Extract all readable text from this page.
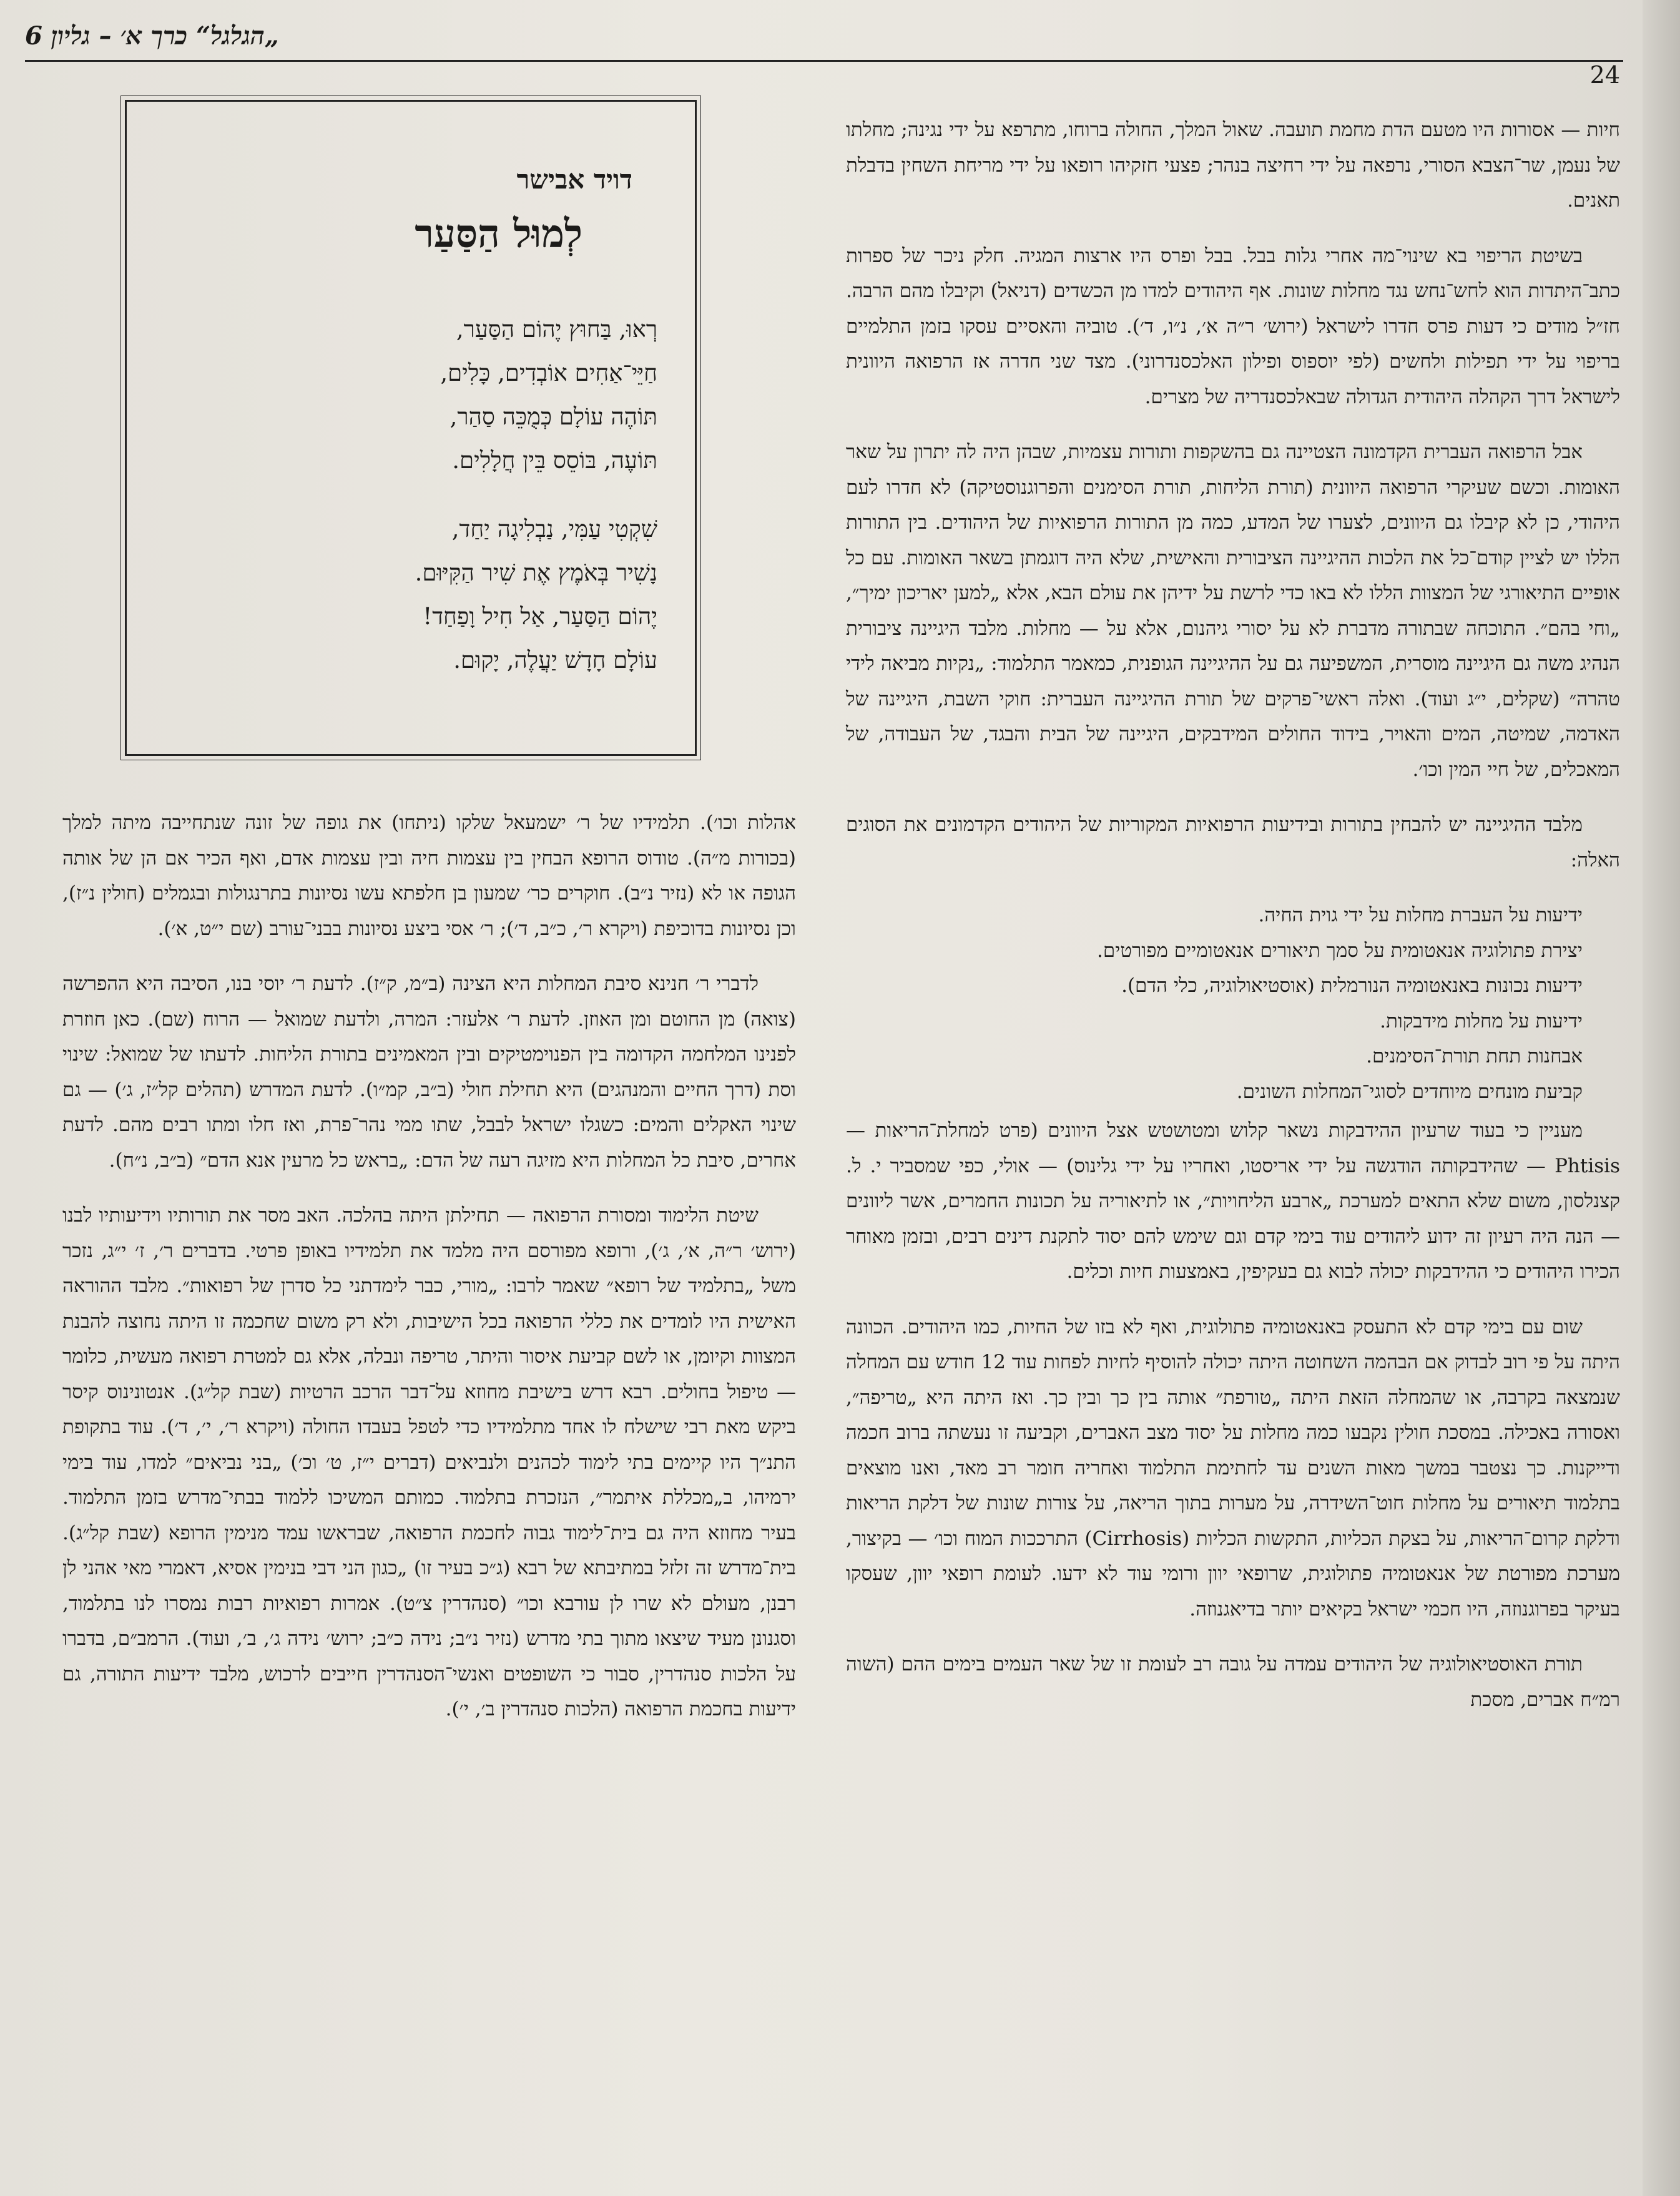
„הגלגל“ כרך א׳ – גליון 6
24
דויד אבישר
לְמוּל הַסַּעַר
רְאוּ, בַּחוּץ יֶהוֹם הַסַּעַר,
חַיֵּי־אַחִים אוֹבְדִים, כָּלִים,
תּוֹהֶה עוֹלָם כְּמֻכֵּה סַהַר,
תּוֹעֶה, בּוֹסֵס בֵּין חֲלָלִים.
שִׁקְטִי עַמִּי, נַבְלִיגָה יַחַד,
נָשִׁיר בְּאֹמֶץ אֶת שִׁיר הַקִּיּוּם.
יֶהוֹם הַסַּעַר, אַל חִיל וָפַחַד!
עוֹלָם חָדָשׁ יַעֲלֶה, יָקוּם.

חיות — אסורות היו מטעם הדת מחמת תועבה. שאול המלך, החולה ברוחו, מתרפא על ידי נגינה; מחלתו של נעמן, שר־הצבא הסורי, נרפאה על ידי רחיצה בנהר; פצעי חזקיהו רופאו על ידי מריחת השחין בדבלת תאנים.

בשיטת הריפוי בא שינוי־מה אחרי גלות בבל. בבל ופרס היו ארצות המגיה. חלק ניכר של ספרות כתב־היתדות הוא לחש־נחש נגד מחלות שונות. אף היהודים למדו מן הכשדים (דניאל) וקיבלו מהם הרבה. חז״ל מודים כי דעות פרס חדרו לישראל (ירוש׳ ר״ה א׳, נ״ו, ד׳). טוביה והאסיים עסקו בזמן התלמיים בריפוי על ידי תפילות ולחשים (לפי יוספוס ופילון האלכסנדרוני). מצד שני חדרה אז הרפואה היוונית לישראל דרך הקהלה היהודית הגדולה שבאלכסנדריה של מצרים.

אבל הרפואה העברית הקדמונה הצטיינה גם בהשקפות ותורות עצמיות, שבהן היה לה יתרון על שאר האומות. וכשם שעיקרי הרפואה היוונית (תורת הליחות, תורת הסימנים והפרוגנוסטיקה) לא חדרו לעם היהודי, כן לא קיבלו גם היוונים, לצערו של המדע, כמה מן התורות הרפואיות של היהודים. בין התורות הללו יש לציין קודם־כל את הלכות ההיגיינה הציבורית והאישית, שלא היה דוגמתן בשאר האומות. עם כל אופיים התיאורגי של המצוות הללו לא באו כדי לרשת על ידיהן את עולם הבא, אלא „למען יאריכון ימיך״, „וחי בהם״. התוכחה שבתורה מדברת לא על יסורי גיהנום, אלא על — מחלות. מלבד היגיינה ציבורית הנהיג משה גם היגיינה מוסרית, המשפיעה גם על ההיגיינה הגופנית, כמאמר התלמוד: „נקיות מביאה לידי טהרה״ (שקלים, י״ג ועוד). ואלה ראשי־פרקים של תורת ההיגיינה העברית: חוקי השבת, היגיינה של האדמה, שמיטה, המים והאויר, בידוד החולים המידבקים, היגיינה של הבית והבגד, של העבודה, של המאכלים, של חיי המין וכו׳.

מלבד ההיגיינה יש להבחין בתורות ובידיעות הרפואיות המקוריות של היהודים הקדמונים את הסוגים האלה:

ידיעות על העברת מחלות על ידי גוית החיה.
יצירת פתולוגיה אנאטומית על סמך תיאורים אנאטומיים מפורטים.
ידיעות נכונות באנאטומיה הנורמלית (אוסטיאולוגיה, כלי הדם).
ידיעות על מחלות מידבקות.
אבחנות תחת תורת־הסימנים.
קביעת מונחים מיוחדים לסוגי־המחלות השונים.

מעניין כי בעוד שרעיון ההידבקות נשאר קלוש ומטושטש אצל היוונים (פרט למחלת־הריאות — Phtisis — שהידבקותה הודגשה על ידי אריסטו, ואחריו על ידי גלינוס) — אולי, כפי שמסביר י. ל. קצנלסון, משום שלא התאים למערכת „ארבע הליחויות״, או לתיאוריה על תכונות החמרים, אשר ליוונים — הנה היה רעיון זה ידוע ליהודים עוד בימי קדם וגם שימש להם יסוד לתקנת דינים רבים, ובזמן מאוחר הכירו היהודים כי ההידבקות יכולה לבוא גם בעקיפין, באמצעות חיות וכלים.

שום עם בימי קדם לא התעסק באנאטומיה פתולוגית, ואף לא בזו של החיות, כמו היהודים. הכוונה היתה על פי רוב לבדוק אם הבהמה השחוטה היתה יכולה להוסיף לחיות לפחות עוד 12 חודש עם המחלה שנמצאה בקרבה, או שהמחלה הזאת היתה „טורפת״ אותה בין כך ובין כך. ואז היתה היא „טריפה״, ואסורה באכילה. במסכת חולין נקבעו כמה מחלות על יסוד מצב האברים, וקביעה זו נעשתה ברוב חכמה ודייקנות. כך נצטבר במשך מאות השנים עד לחתימת התלמוד ואחריה חומר רב מאד, ואנו מוצאים בתלמוד תיאורים על מחלות חוט־השידרה, על מערות בתוך הריאה, על צורות שונות של דלקת הריאות ודלקת קרום־הריאות, על בצקת הכליות, התקשות הכליות (Cirrhosis) התרככות המוח וכו׳ — בקיצור, מערכת מפורטת של אנאטומיה פתולוגית, שרופאי יוון ורומי עוד לא ידעו. לעומת רופאי יוון, שעסקו בעיקר בפרוגנוזה, היו חכמי ישראל בקיאים יותר בדיאגנוזה.

תורת האוסטיאולוגיה של היהודים עמדה על גובה רב לעומת זו של שאר העמים בימים ההם (השוה רמ״ח אברים, מסכת

אהלות וכו׳). תלמידיו של ר׳ ישמעאל שלקו (ניתחו) את גופה של זונה שנתחייבה מיתה למלך (בכורות מ״ה). טודוס הרופא הבחין בין עצמות חיה ובין עצמות אדם, ואף הכיר אם הן של אותה הגופה או לא (נזיר נ״ב). חוקרים כר׳ שמעון בן חלפתא עשו נסיונות בתרנגולות ובגמלים (חולין נ״ז), וכן נסיונות בדוכיפת (ויקרא ר׳, כ״ב, ד׳); ר׳ אסי ביצע נסיונות בבני־עורב (שם י״ט, א׳).

לדברי ר׳ חנינא סיבת המחלות היא הצינה (ב״מ, ק״ז). לדעת ר׳ יוסי בנו, הסיבה היא ההפרשה (צואה) מן החוטם ומן האוזן. לדעת ר׳ אלעזר: המרה, ולדעת שמואל — הרוח (שם). כאן חוזרת לפנינו המלחמה הקדומה בין הפנוימטיקים ובין המאמינים בתורת הליחות. לדעתו של שמואל: שינוי וסת (דרך החיים והמנהגים) היא תחילת חולי (ב״ב, קמ״ו). לדעת המדרש (תהלים קל״ז, ג׳) — גם שינוי האקלים והמים: כשגלו ישראל לבבל, שתו ממי נהר־פרת, ואז חלו ומתו רבים מהם. לדעת אחרים, סיבת כל המחלות היא מזיגה רעה של הדם: „בראש כל מרעין אנא הדם״ (ב״ב, נ״ח).

שיטת הלימוד ומסורת הרפואה — תחילתן היתה בהלכה. האב מסר את תורותיו וידיעותיו לבנו (ירוש׳ ר״ה, א׳, ג׳), ורופא מפורסם היה מלמד את תלמידיו באופן פרטי. בדברים ר׳, ז׳ י״ג, נזכר משל „בתלמיד של רופא״ שאמר לרבו: „מורי, כבר לימדתני כל סדרן של רפואות״. מלבד ההוראה האישית היו לומדים את כללי הרפואה בכל הישיבות, ולא רק משום שחכמה זו היתה נחוצה להבנת המצוות וקיומן, או לשם קביעת איסור והיתר, טריפה ונבלה, אלא גם למטרת רפואה מעשית, כלומר — טיפול בחולים. רבא דרש בישיבת מחוזא על־דבר הרכב הרטיות (שבת קל״ג). אנטונינוס קיסר ביקש מאת רבי שישלח לו אחד מתלמידיו כדי לטפל בעבדו החולה (ויקרא ר׳, י׳, ד׳). עוד בתקופת התנ״ך היו קיימים בתי לימוד לכהנים ולנביאים (דברים י״ז, ט׳ וכ׳) „בני נביאים״ למדו, עוד בימי ירמיהו, ב„מכללת איתמר״, הנזכרת בתלמוד. כמותם המשיכו ללמוד בבתי־מדרש בזמן התלמוד. בעיר מחוזא היה גם בית־לימוד גבוה לחכמת הרפואה, שבראשו עמד מנימין הרופא (שבת קל״ג). בית־מדרש זה זלזל במתיבתא של רבא (ג״כ בעיר זו) „כגון הני דבי בנימין אסיא, דאמרי מאי אהני לן רבנן, מעולם לא שרו לן עורבא וכו״ (סנהדרין צ״ט). אמרות רפואיות רבות נמסרו לנו בתלמוד, וסגנונן מעיד שיצאו מתוך בתי מדרש (נזיר נ״ב; נידה כ״ב; ירוש׳ נידה ג׳, ב׳, ועוד). הרמב״ם, בדברו על הלכות סנהדרין, סבור כי השופטים ואנשי־הסנהדרין חייבים לרכוש, מלבד ידיעות התורה, גם ידיעות בחכמת הרפואה (הלכות סנהדרין ב׳, י׳).
